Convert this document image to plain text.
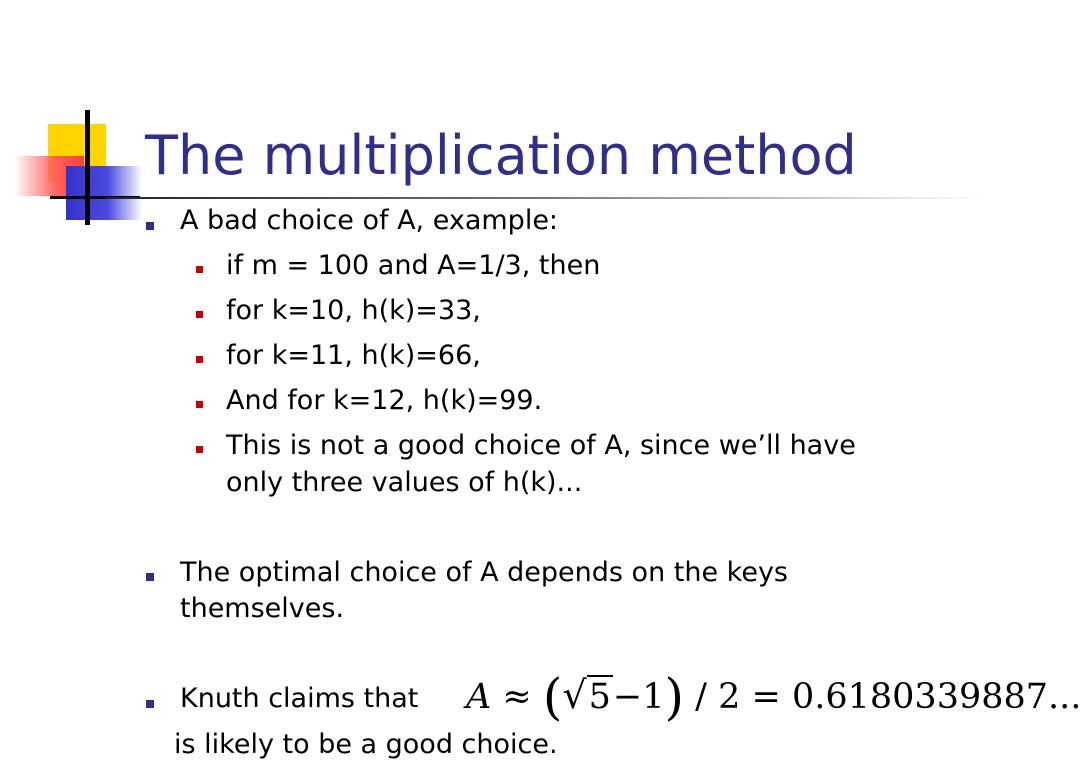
The multiplication method
A bad choice of A, example:
if m = 100 and A=1/3, then
for k=10, h(k)=33,
for k=11, h(k)=66,
And for k=12, h(k)=99.
This is not a good choice of A, since we’ll have
only three values of h(k)...
The optimal choice of A depends on the keys
themselves.
Knuth claims that A ≈ (√5−1) / 2 = 0.6180339887...
is likely to be a good choice.
